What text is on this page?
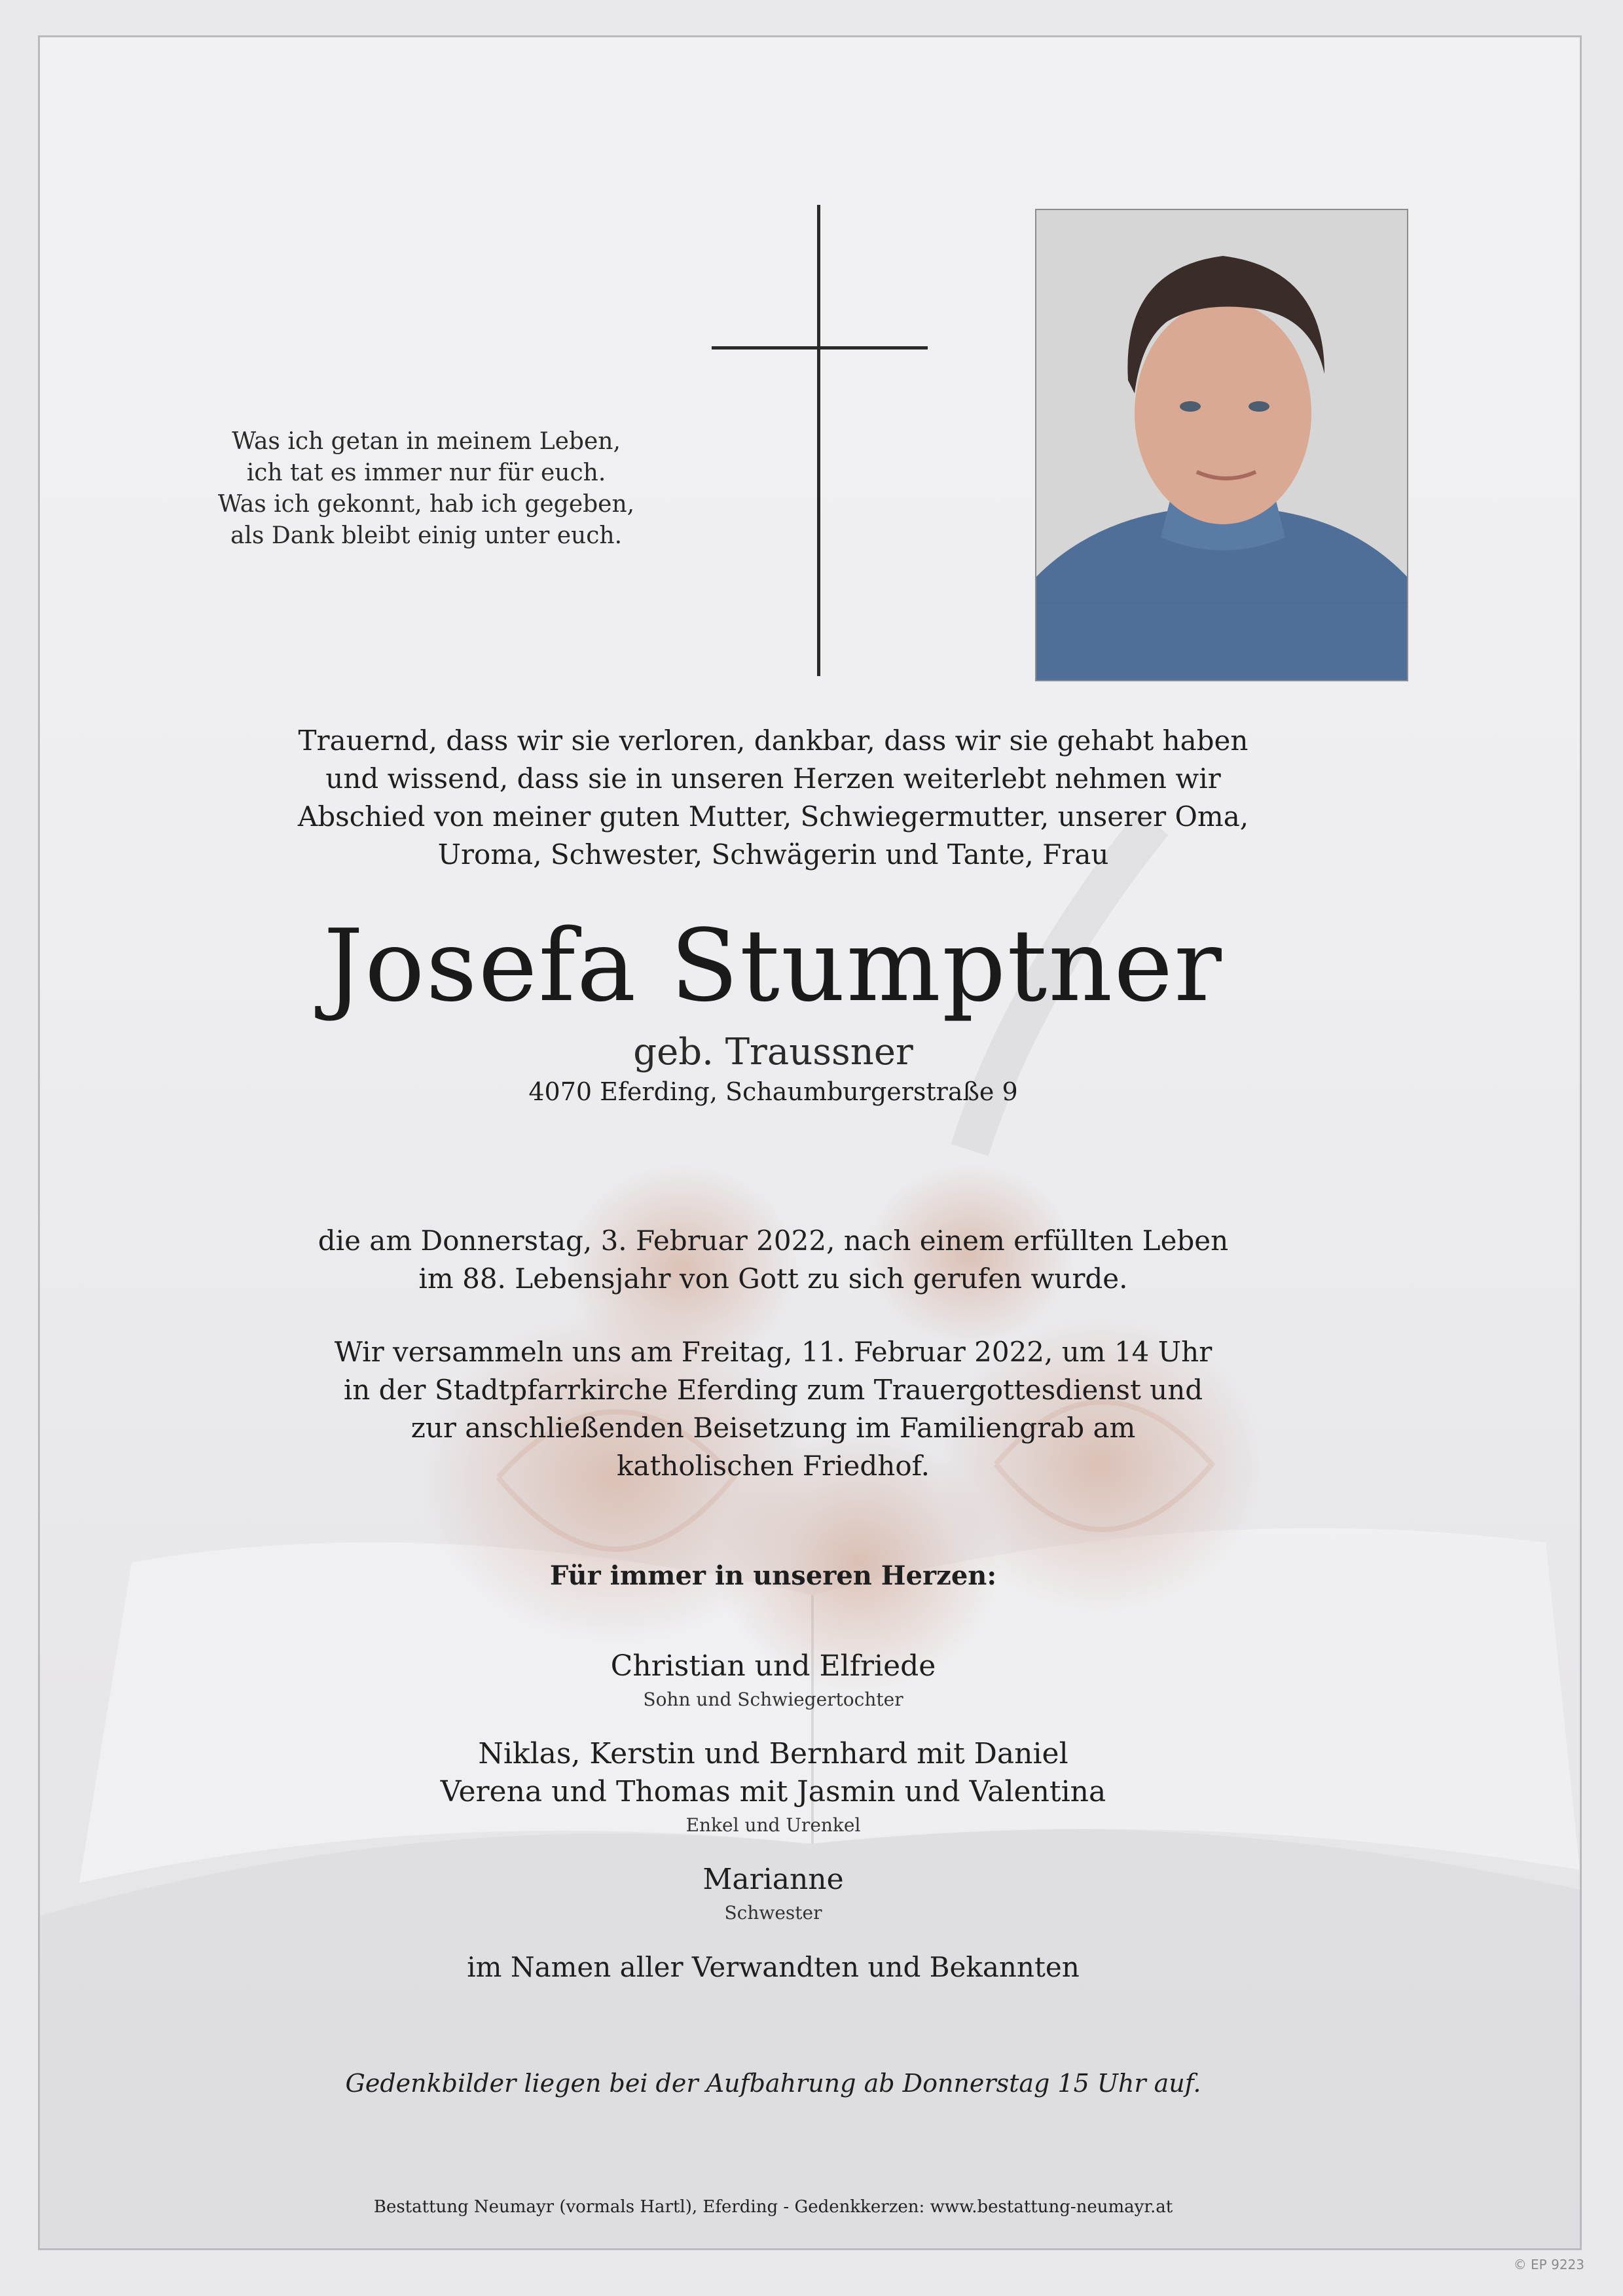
Was ich getan in meinem Leben,
ich tat es immer nur für euch.
Was ich gekonnt, hab ich gegeben,
als Dank bleibt einig unter euch.
Trauernd, dass wir sie verloren, dankbar, dass wir sie gehabt haben
und wissend, dass sie in unseren Herzen weiterlebt nehmen wir
Abschied von meiner guten Mutter, Schwiegermutter, unserer Oma,
Uroma, Schwester, Schwägerin und Tante, Frau
Josefa Stumptner
geb. Traussner
4070 Eferding, Schaumburgerstraße 9
die am Donnerstag, 3. Februar 2022, nach einem erfüllten Leben
im 88. Lebensjahr von Gott zu sich gerufen wurde.
Wir versammeln uns am Freitag, 11. Februar 2022, um 14 Uhr
in der Stadtpfarrkirche Eferding zum Trauergottesdienst und
zur anschließenden Beisetzung im Familiengrab am
katholischen Friedhof.
Für immer in unseren Herzen:
Christian und Elfriede
Sohn und Schwiegertochter
Niklas, Kerstin und Bernhard mit Daniel
Verena und Thomas mit Jasmin und Valentina
Enkel und Urenkel
Marianne
Schwester
im Namen aller Verwandten und Bekannten
Gedenkbilder liegen bei der Aufbahrung ab Donnerstag 15 Uhr auf.
Bestattung Neumayr (vormals Hartl), Eferding - Gedenkkerzen: www.bestattung-neumayr.at
© EP 9223
